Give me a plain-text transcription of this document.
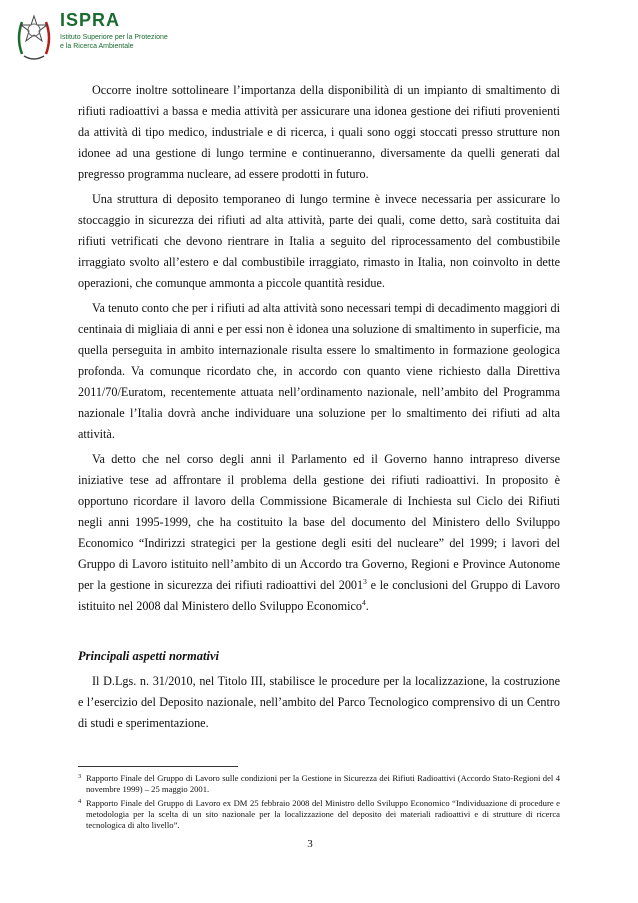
ISPRA
Istituto Superiore per la Protezione
e la Ricerca Ambientale

Occorre inoltre sottolineare l’importanza della disponibilità di un impianto di smaltimento di rifiuti radioattivi a bassa e media attività per assicurare una idonea gestione dei rifiuti provenienti da attività di tipo medico, industriale e di ricerca, i quali sono oggi stoccati presso strutture non idonee ad una gestione di lungo termine e continueranno, diversamente da quelli generati dal pregresso programma nucleare, ad essere prodotti in futuro.

Una struttura di deposito temporaneo di lungo termine è invece necessaria per assicurare lo stoccaggio in sicurezza dei rifiuti ad alta attività, parte dei quali, come detto, sarà costituita dai rifiuti vetrificati che devono rientrare in Italia a seguito del riprocessamento del combustibile irraggiato svolto all’estero e dal combustibile irraggiato, rimasto in Italia, non coinvolto in dette operazioni, che comunque ammonta a piccole quantità residue.

Va tenuto conto che per i rifiuti ad alta attività sono necessari tempi di decadimento maggiori di centinaia di migliaia di anni e per essi non è idonea una soluzione di smaltimento in superficie, ma quella perseguita in ambito internazionale risulta essere lo smaltimento in formazione geologica profonda. Va comunque ricordato che, in accordo con quanto viene richiesto dalla Direttiva 2011/70/Euratom, recentemente attuata nell’ordinamento nazionale, nell’ambito del Programma nazionale l’Italia dovrà anche individuare una soluzione per lo smaltimento dei rifiuti ad alta attività.

Va detto che nel corso degli anni il Parlamento ed il Governo hanno intrapreso diverse iniziative tese ad affrontare il problema della gestione dei rifiuti radioattivi. In proposito è opportuno ricordare il lavoro della Commissione Bicamerale di Inchiesta sul Ciclo dei Rifiuti negli anni 1995-1999, che ha costituito la base del documento del Ministero dello Sviluppo Economico “Indirizzi strategici per la gestione degli esiti del nucleare” del 1999; i lavori del Gruppo di Lavoro istituito nell’ambito di un Accordo tra Governo, Regioni e Province Autonome per la gestione in sicurezza dei rifiuti radioattivi del 2001$^3$ e le conclusioni del Gruppo di Lavoro istituito nel 2008 dal Ministero dello Sviluppo Economico$^4$.

Principali aspetti normativi

Il D.Lgs. n. 31/2010, nel Titolo III, stabilisce le procedure per la localizzazione, la costruzione e l’esercizio del Deposito nazionale, nell’ambito del Parco Tecnologico comprensivo di un Centro di studi e sperimentazione.

3 Rapporto Finale del Gruppo di Lavoro sulle condizioni per la Gestione in Sicurezza dei Rifiuti Radioattivi (Accordo Stato-Regioni del 4 novembre 1999) – 25 maggio 2001.
4 Rapporto Finale del Gruppo di Lavoro ex DM 25 febbraio 2008 del Ministro dello Sviluppo Economico “Individuazione di procedure e metodologia per la scelta di un sito nazionale per la localizzazione del deposito dei materiali radioattivi e di strutture di ricerca tecnologica di alto livello”.
3
